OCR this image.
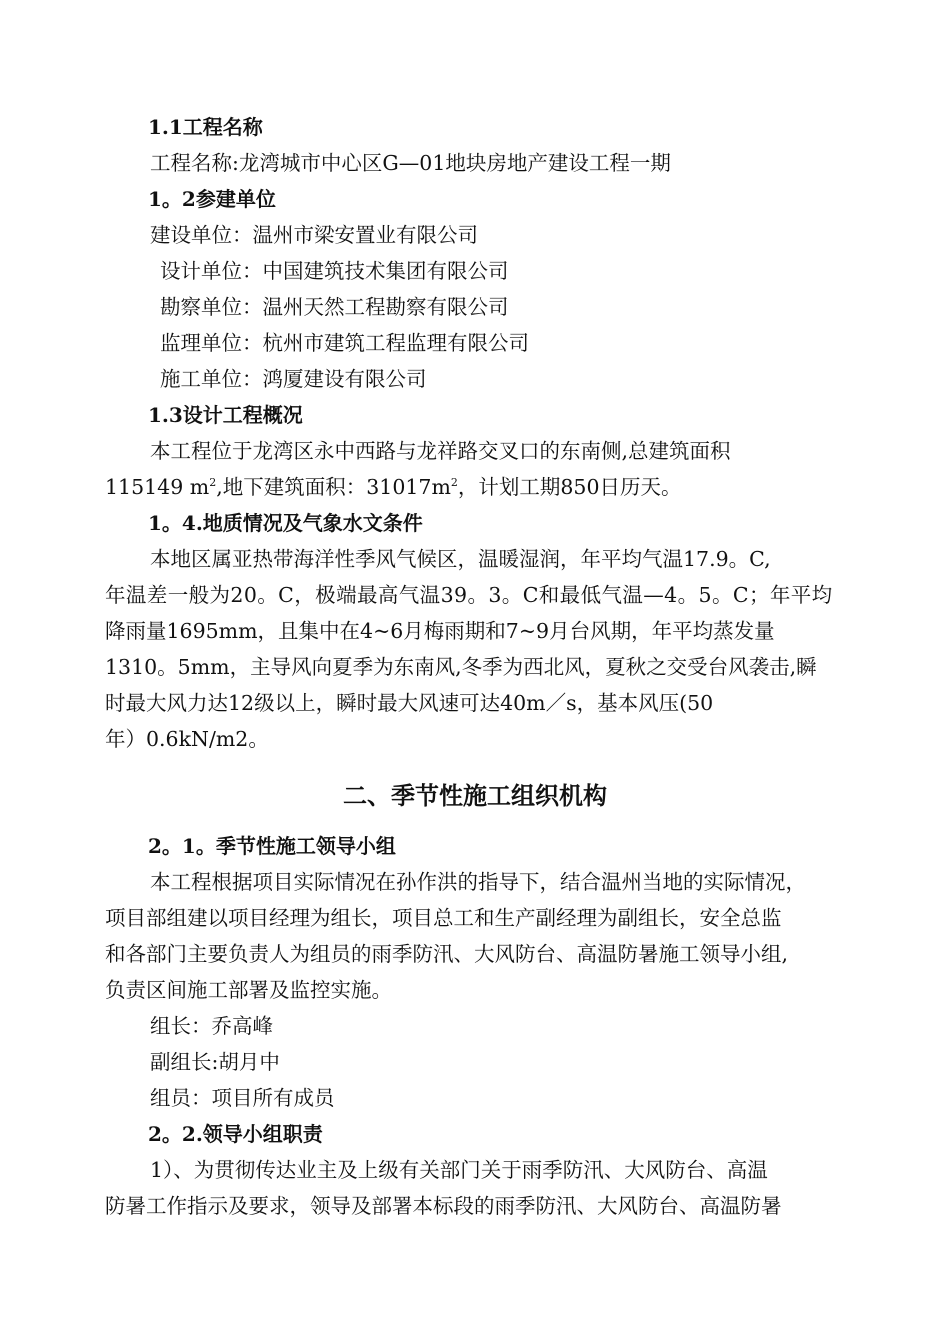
1.1工程名称
工程名称:龙湾城市中心区G—01地块房地产建设工程一期
1。2参建单位
建设单位：温州市梁安置业有限公司
设计单位：中国建筑技术集团有限公司
勘察单位：温州天然工程勘察有限公司
监理单位：杭州市建筑工程监理有限公司
施工单位：鸿厦建设有限公司
1.3设计工程概况
本工程位于龙湾区永中西路与龙祥路交叉口的东南侧,总建筑面积
115149 $m^2$,地下建筑面积：$31017m^2$，计划工期850日历天。
1。4.地质情况及气象水文条件
本地区属亚热带海洋性季风气候区，温暖湿润，年平均气温17.9。C,
年温差一般为20。C，极端最高气温39。3。C和最低气温—4。5。C；年平均
降雨量1695mm，且集中在4~6月梅雨期和7~9月台风期，年平均蒸发量
1310。5mm，主导风向夏季为东南风,冬季为西北风，夏秋之交受台风袭击,瞬
时最大风力达12级以上，瞬时最大风速可达40m／s，基本风压(50
年）0.6kN/m2。
二、季节性施工组织机构
2。1。季节性施工领导小组
本工程根据项目实际情况在孙作洪的指导下，结合温州当地的实际情况，
项目部组建以项目经理为组长，项目总工和生产副经理为副组长，安全总监
和各部门主要负责人为组员的雨季防汛、大风防台、高温防暑施工领导小组,
负责区间施工部署及监控实施。
组长：乔高峰
副组长:胡月中
组员：项目所有成员
2。2.领导小组职责
1）、为贯彻传达业主及上级有关部门关于雨季防汛、大风防台、高温
防暑工作指示及要求，领导及部署本标段的雨季防汛、大风防台、高温防暑
